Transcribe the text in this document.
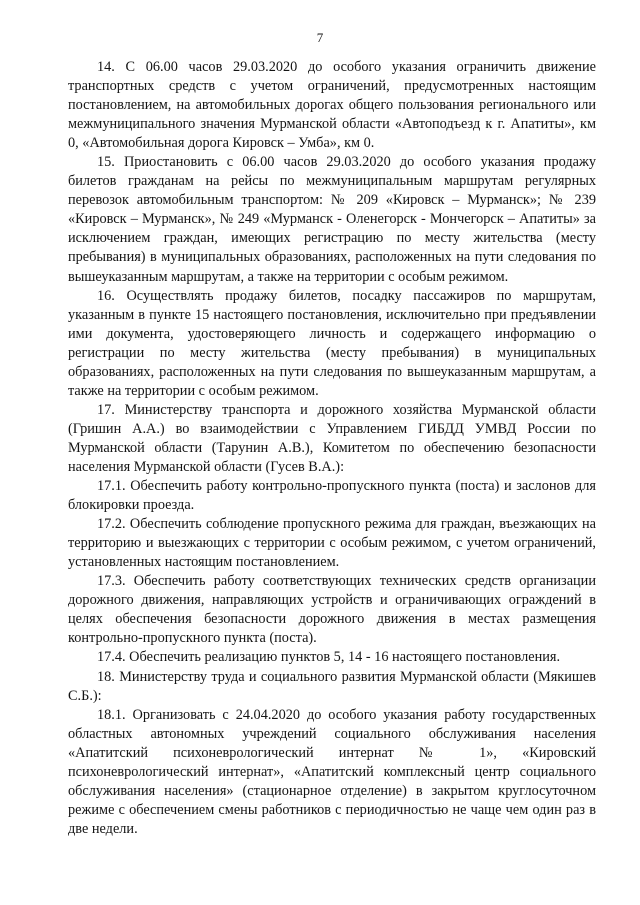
7

14. С 06.00 часов 29.03.2020 до особого указания ограничить движение транспортных средств с учетом ограничений, предусмотренных настоящим постановлением, на автомобильных дорогах общего пользования регионального или межмуниципального значения Мурманской области «Автоподъезд к г. Апатиты», км 0, «Автомобильная дорога Кировск – Умба», км 0.

15. Приостановить с 06.00 часов 29.03.2020 до особого указания продажу билетов гражданам на рейсы по межмуниципальным маршрутам регулярных перевозок автомобильным транспортом: № 209 «Кировск – Мурманск»; № 239 «Кировск – Мурманск», № 249 «Мурманск - Оленегорск - Мончегорск – Апатиты» за исключением граждан, имеющих регистрацию по месту жительства (месту пребывания) в муниципальных образованиях, расположенных на пути следования по вышеуказанным маршрутам, а также на территории с особым режимом.

16. Осуществлять продажу билетов, посадку пассажиров по маршрутам, указанным в пункте 15 настоящего постановления, исключительно при предъявлении ими документа, удостоверяющего личность и содержащего информацию о регистрации по месту жительства (месту пребывания) в муниципальных образованиях, расположенных на пути следования по вышеуказанным маршрутам, а также на территории с особым режимом.

17. Министерству транспорта и дорожного хозяйства Мурманской области (Гришин А.А.) во взаимодействии с Управлением ГИБДД УМВД России по Мурманской области (Тарунин А.В.), Комитетом по обеспечению безопасности населения Мурманской области (Гусев В.А.):

17.1. Обеспечить работу контрольно-пропускного пункта (поста) и заслонов для блокировки проезда.

17.2. Обеспечить соблюдение пропускного режима для граждан, въезжающих на территорию и выезжающих с территории с особым режимом, с учетом ограничений, установленных настоящим постановлением.

17.3. Обеспечить работу соответствующих технических средств организации дорожного движения, направляющих устройств и ограничивающих ограждений в целях обеспечения безопасности дорожного движения в местах размещения контрольно-пропускного пункта (поста).

17.4. Обеспечить реализацию пунктов 5, 14 - 16 настоящего постановления.

18. Министерству труда и социального развития Мурманской области (Мякишев С.Б.):

18.1. Организовать с 24.04.2020 до особого указания работу государственных областных автономных учреждений социального обслуживания населения «Апатитский психоневрологический интернат № 1», «Кировский психоневрологический интернат», «Апатитский комплексный центр социального обслуживания населения» (стационарное отделение) в закрытом круглосуточном режиме с обеспечением смены работников с периодичностью не чаще чем один раз в две недели.
